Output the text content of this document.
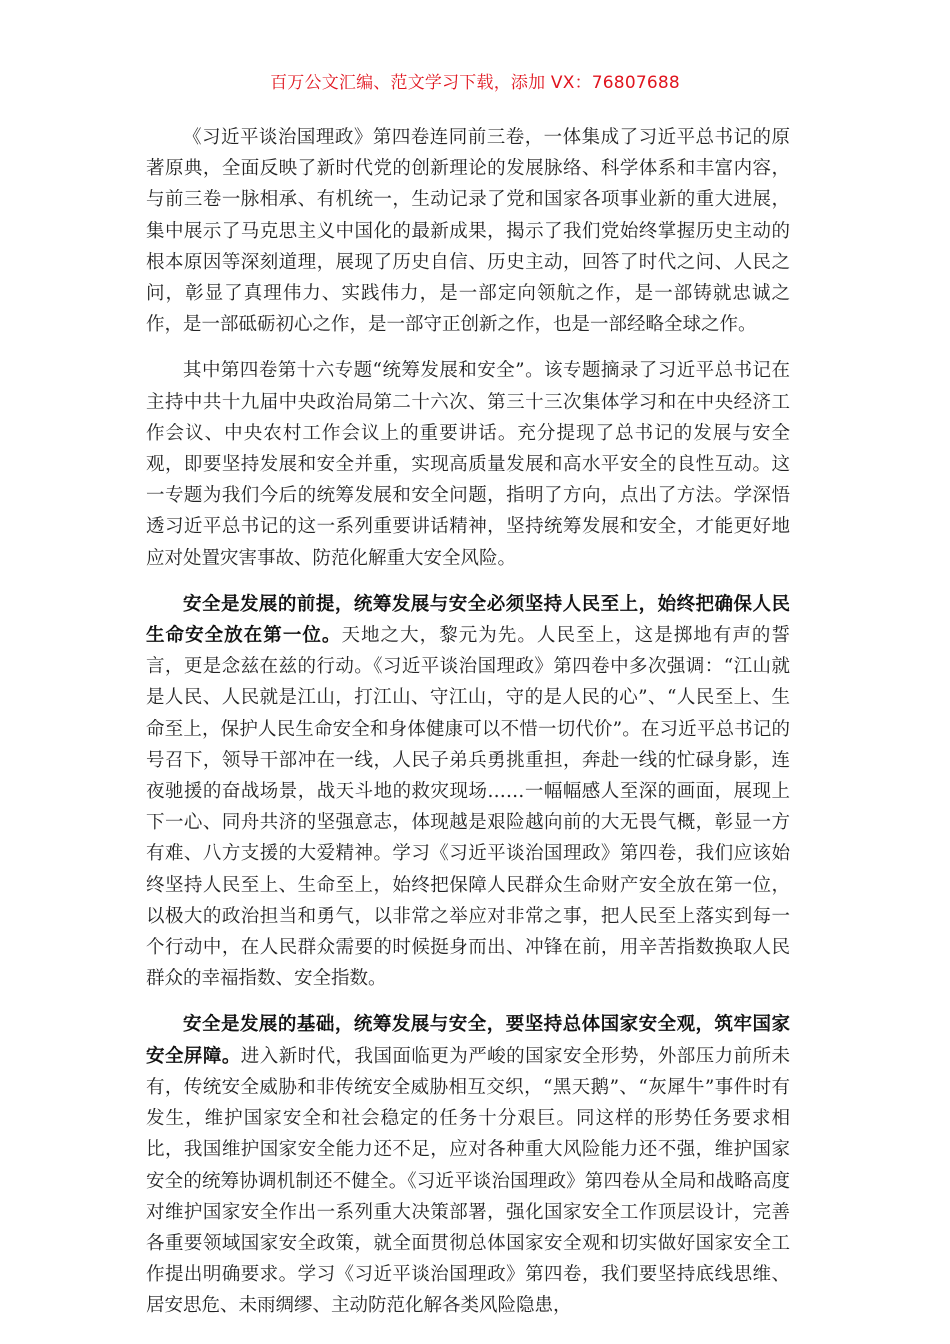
百万公文汇编、范文学习下载，添加 VX：76807688

《习近平谈治国理政》第四卷连同前三卷，一体集成了习近平总书记的原著原典，全面反映了新时代党的创新理论的发展脉络、科学体系和丰富内容，与前三卷一脉相承、有机统一，生动记录了党和国家各项事业新的重大进展，集中展示了马克思主义中国化的最新成果，揭示了我们党始终掌握历史主动的根本原因等深刻道理，展现了历史自信、历史主动，回答了时代之问、人民之问，彰显了真理伟力、实践伟力，是一部定向领航之作，是一部铸就忠诚之作，是一部砥砺初心之作，是一部守正创新之作，也是一部经略全球之作。

其中第四卷第十六专题“统筹发展和安全”。该专题摘录了习近平总书记在主持中共十九届中央政治局第二十六次、第三十三次集体学习和在中央经济工作会议、中央农村工作会议上的重要讲话。充分提现了总书记的发展与安全观，即要坚持发展和安全并重，实现高质量发展和高水平安全的良性互动。这一专题为我们今后的统筹发展和安全问题，指明了方向，点出了方法。学深悟透习近平总书记的这一系列重要讲话精神，坚持统筹发展和安全，才能更好地应对处置灾害事故、防范化解重大安全风险。

安全是发展的前提，统筹发展与安全必须坚持人民至上，始终把确保人民生命安全放在第一位。天地之大，黎元为先。人民至上，这是掷地有声的誓言，更是念兹在兹的行动。《习近平谈治国理政》第四卷中多次强调：“江山就是人民、人民就是江山，打江山、守江山，守的是人民的心”、“人民至上、生命至上，保护人民生命安全和身体健康可以不惜一切代价”。在习近平总书记的号召下，领导干部冲在一线，人民子弟兵勇挑重担，奔赴一线的忙碌身影，连夜驰援的奋战场景，战天斗地的救灾现场……一幅幅感人至深的画面，展现上下一心、同舟共济的坚强意志，体现越是艰险越向前的大无畏气概，彰显一方有难、八方支援的大爱精神。学习《习近平谈治国理政》第四卷，我们应该始终坚持人民至上、生命至上，始终把保障人民群众生命财产安全放在第一位，以极大的政治担当和勇气，以非常之举应对非常之事，把人民至上落实到每一个行动中，在人民群众需要的时候挺身而出、冲锋在前，用辛苦指数换取人民群众的幸福指数、安全指数。

安全是发展的基础，统筹发展与安全，要坚持总体国家安全观，筑牢国家安全屏障。进入新时代，我国面临更为严峻的国家安全形势，外部压力前所未有，传统安全威胁和非传统安全威胁相互交织，“黑天鹅”、“灰犀牛”事件时有发生，维护国家安全和社会稳定的任务十分艰巨。同这样的形势任务要求相比，我国维护国家安全能力还不足，应对各种重大风险能力还不强，维护国家安全的统筹协调机制还不健全。《习近平谈治国理政》第四卷从全局和战略高度对维护国家安全作出一系列重大决策部署，强化国家安全工作顶层设计，完善各重要领域国家安全政策，就全面贯彻总体国家安全观和切实做好国家安全工作提出明确要求。学习《习近平谈治国理政》第四卷，我们要坚持底线思维、居安思危、未雨绸缪、主动防范化解各类风险隐患，
